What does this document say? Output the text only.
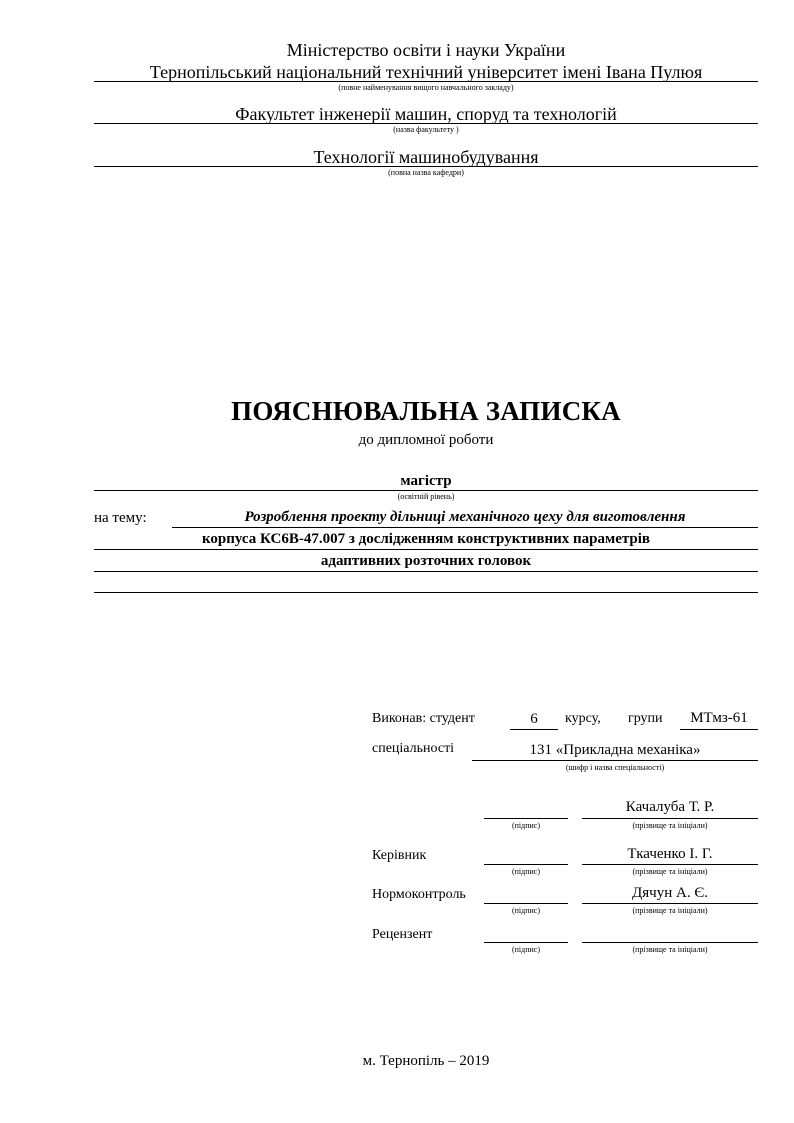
Міністерство освіти і науки України
Тернопільський національний технічний університет імені Івана Пулюя
(повне найменування вищого навчального закладу)
Факультет інженерії машин, споруд та технологій
(назва факультету )
Технології машинобудування
(повна назва кафедри)
ПОЯСНЮВАЛЬНА ЗАПИСКА
до дипломної роботи
магістр
(освітній рівень)
на тему:	Розроблення проекту дільниці механічного цеху для виготовлення
корпуса КС6В-47.007 з дослідженням конструктивних параметрів
адаптивних розточних головок
Виконав: студент	6	курсу, групи	МТмз-61
спеціальності	131 «Прикладна механіка»
(шифр і назва спеціальності)
Качалуба Т. Р.
(підпис)	(прізвище та ініціали)
Керівник	Ткаченко І. Г.
(підпис)	(прізвище та ініціали)
Нормоконтроль	Дячун А. Є.
(підпис)	(прізвище та ініціали)
Рецензент
(підпис)	(прізвище та ініціали)
м. Тернопіль – 2019
